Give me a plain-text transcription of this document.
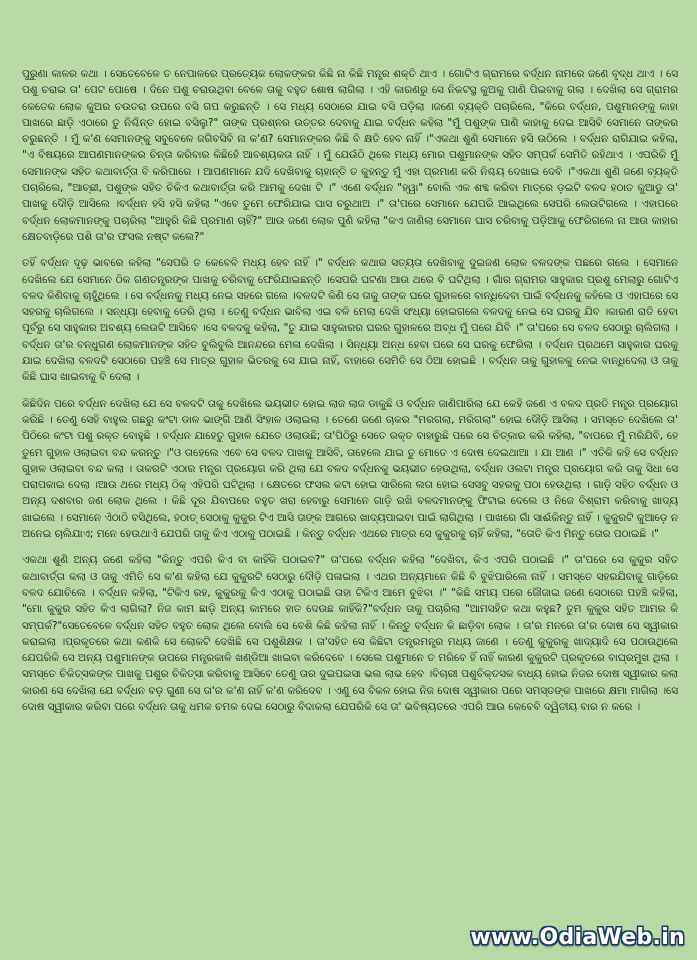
ପୁରୁଣା କାଳର କଥା । ସେତେବେଳେ ତ ନେପାଳରେ ପ୍ରତ୍ୟେକ ଲୋକଙ୍କର କିଛି ନା କିଛି ମନ୍ତ୍ର ଶକ୍ତି ଥାଏ । ଗୋଟିଏ ଗ୍ରାମରେ ବର୍ଦ୍ଧନ ନାମରେ ଜଣେ ବୃଦ୍ଧ ଥାଏ । ସେ ପଶୁ ଚରାଇ ତା' ପେଟ ପୋଷେ । ଦିନେ ପଶୁ ଚରାଉଥିବା ବେଳେ ତାକୁ ବହୁତ ଶୋଷ ଲାଗିଲା । ଏହି କାରଣରୁ ସେ ନିକଟସ୍ଥ କୁଅକୁ ପାଣି ପିଇବାକୁ ଗଲା । ଦେଖିଲା ସେ ଗ୍ରାମର କେତେକ ଲୋକ କୁଅର ଚଉତରା ଉପରେ ବସି ଗପ କରୁଛନ୍ତି । ସେ ମଧ୍ୟ ସେଠାରେ ଯାଇ ବସି ପଡ଼ିଲା ।ଜଣେ ବ୍ୟକ୍ତି ପଚାରିଲେ, "କିରେ ବର୍ଦ୍ଧନ, ପଶୁମାନଙ୍କୁ କାହା ପାଖରେ ଛାଡ଼ି ଏଠାରେ ତୁ ନିଶ୍ଚିନ୍ତ ହୋଇ ବସିଲୁ?" ତାଙ୍କ ପ୍ରଶ୍ନର ଉତ୍ତର ଦେବାକୁ ଯାଇ ବର୍ଦ୍ଧନ କହିଲା "ମୁଁ ପଶୁଙ୍କ ପାଣି କାହାକୁ ଦେଇ ଆସିବି ସେମାନେ ତାଙ୍କର ଚରୁଛନ୍ତି । ମୁଁ କ'ଣ ସେମାନଙ୍କୁ ସବୁବେଳେ ଜଗିବସିବି ନା କ'ଣ? ସେମାନଙ୍କର କିଛି ବି କ୍ଷତି ହେବ ନାହିଁ ।"ଏକଥା ଶୁଣି ସେମାନେ ହସି ଉଠିଲେ । ବର୍ଦ୍ଧନ ରାଗିଯାଇ କହିଲା, "ଏ ବିଷୟରେ ଆପଣମାନଙ୍କର ଚିନ୍ତା କରିବାର କିଛିହେଁ ଆବଶ୍ୟକତା ନାହିଁ । ମୁଁ ଯେଉଁଠି ଥିଲେ ମଧ୍ୟ ମୋର ପଶୁମାନଙ୍କ ସହିତ ସମ୍ପର୍କ ସେମିତି ରହିଥାଏ । ଏପରିକି ମୁଁ ସେମାନଙ୍କ ସହିତ କଥାବାର୍ତ୍ତା ବି କରିପାରେ । ଆପଣମାନେ ଯଦି ଦେଖିବାକୁ ଚାହାନ୍ତି ତ କୁହନ୍ତୁ ମୁଁ ଏହା ପ୍ରମାଣ କରି ନିଶ୍ଚୟ ଦେଖାଇ ଦେବି ।"ଏକଥା ଶୁଣି ଜଣେ ବ୍ୟକ୍ତି ପଚାରିଲେ, "ଆଚ୍ଛୀ, ପଶୁଙ୍କ ସହିତ ଚିକିଏ କଥାବାର୍ତ୍ତା କରି ଆମକୁ ଦେଖା ଟି ।" ଏଣେ ବର୍ଦ୍ଧନ "ହ୍ୱା" ବୋଲି ଏକ ଶବ୍ଦ କରିବା ମାତ୍ରେ ଡ଼ଇଟି ବଳଦ ହଠାତ କୁଆଡୁ ତା' ପାଖକୁ ଦୌଡ଼ି ଆସିଲେ ।ବର୍ଦ୍ଧନ ହସି ହସି କହିଲା "ଏବେ ତୁମେ ଫେରିଯାଇ ଘାସ ଚରୁଥାଅ ।" ତା'ପରେ ସେମାନେ ଯେପରି ଆଇଥିଲେ ସେପରି ଲେଉଟିଗଲେ । ଏହାପରେ ବର୍ଦ୍ଧନ ଲୋକମାନଙ୍କୁ ପଚାରିଲା "ଆହୁରି କିଛି ପ୍ରମାଣ ଚାହିଁ?" ଆଉ ଜଣେ ଲୋକ ପୁଣି କହିଲା "କଏ ଜାଣିଲା ସେମାନେ ଘାସ ଚରିବାକୁ ପଡ଼ିଆକୁ ଫେରିଗଲେ ନା ଆଉ କାହାର କ୍ଷେତବାଡ଼ିରେ ପଶି ତା'ର ଫସଲ ନଷ୍ଟ କଲେ?"

ତହିଁ ବର୍ଦ୍ଧନ ଦୃଢ଼ ଭାବରେ କହିଲା "ସେପରି ତ କେବେବି ମଧ୍ୟ ହେବ ନାହିଁ ।" ବର୍ଦ୍ଧନ କଥାର ସତ୍ୟତା ଦେଖିବାକୁ ଦୁଇଜଣ ଲୋକ ବଳଦଙ୍କ ପଛରେ ଗଲେ । ସେମାନେ ଦେଖିଲେ ଯେ ସେମାନେ ଠିକ ଗଣତନ୍ତ୍ରଙ୍କ ପାଖକୁ ଚରିବାକୁ ଫେରିଯାଇଛନ୍ତି ।ସେପରି ଘଟଣା ଆଉ ଥରେ ବି ଘଟିଥିଲା । ଗାଁର ଗ୍ରାମର ସାହୁକାର ପ୍ରଶୁ ମେଲାରୁ ଗୋଟିଏ ବଳଦ କିଣିବାକୁ ଚାହୁଁଥିଲେ । ସେ ବର୍ଦ୍ଧନକୁ ମଧ୍ୟ ନେଇ ସହରେ ଗଲେ ।ବଳଦଟି କିଣି ସେ ତାକୁ ତାଙ୍କ ଘରେ ଗୁହାଳରେ ବାନ୍ଧିଦେବା ପାଇଁ ବର୍ଦ୍ଧନକୁ କହିଲେ ଓ ଏହାପରେ ସେ ସହରକୁ ଚାଲିଗଲେ । ସନ୍ଧ୍ୟା ହେବାକୁ ଡେରି ଥିଲା । ତେଣୁ ବର୍ଦ୍ଧନ ଭାବିଲା ଏଇ ବଳି ମେଲା ଦେଖି ସଂଧ୍ୟା ହୋଇଗଲେ ବଳଦକୁ ନେଇ ସେ ଘରକୁ ଯିବ ।କାରଣ ରାତି ହେବା ପୂର୍ବରୁ ସେ ସାହୁକାର ଅବଶ୍ୟ ଲେଉଟି ଆସିବେ ।ସେ ବଳଦକୁ କହିଲା, "ତୁ ଯାଇ ସାହୁକାରର ଘରର ଗୁହାଳରେ ଅବ୍ଧ ମୁଁ ପରେ ଯିବି ।" ତା'ପରେ ସେ ବଳଦ ସେଠାରୁ ଚାଲିଗଲା । ବର୍ଦ୍ଧନ ତା'ର ବନ୍ଧୁଗଣ ଲୋକମାନଙ୍କ ସହିତ ବୁଲିବୁଲି ଆନନ୍ଦରେ ମେଳା ଦେଖିଲା । ସିନ୍ଧ୍ୟା ଅନ୍ଧ ହେବା ପରେ ସେ ଘରକୁ ଫେରିଲା । ବର୍ଦ୍ଧନ ପ୍ରଥମେ ସାହୁକାର ଘରକୁ ଯାଇ ଦେଖିଲା ବଳଦଟି ସେଠାରେ ପହଞ୍ଚି ସେ ମାତ୍ର ଗୁହାଳ ଭିତରକୁ ସେ ଯାଇ ନାହିଁ, ବାହାରେ ସେମିତି ସେ ଠିଆ ହୋଇଛି । ବର୍ଦ୍ଧନ ତାକୁ ଗୁହାଳକୁ ନେଇ ବାନ୍ଧିଦେଲା ଓ ତାକୁ କିଛି ଘାସ ଖାଇବାକୁ ବି ଦେଲା ।

କିଛିଦିନ ପରେ ବର୍ଦ୍ଧନ ଦେଖିଲା ଯେ ସେ ବଳଦଟି ତାକୁ ଦେଖିଲେ ଭୟଭୀତ ହୋଇ ଲାଜ ଲାଜ ଡାକୁଛି ଓ ବର୍ଦ୍ଧନ ଜାଣିପାରିଲା ଯେ କେହି ଜଣେ ଏ ବଳଦ ପ୍ରତି ମନ୍ତ୍ର ପ୍ରୟୋଗ କରିଛି । ତେଣୁ ସେହି ବାହୁଲ ଗଛରୁ କଂଟା ଡାଳ ଭାଙ୍ଗି ଆଣି ସିଂହାଳ ଓଲାଇଲା । ତେଣେ ଜଣେ ଚାକର "ମରଗଲା, ମରିଗଲା" ହୋଇ ଦୌଡ଼ି ଆସିଲା । ସମସ୍ତେ ଦେଖିଲେ ତା' ପିଠିରେ କଂଟା ପଶୁ ରକ୍ତ ବୋହୁଛି । ବର୍ଦ୍ଧନ ଯାହେତୁ ଗୁହାଳ ଯେତେ ଓଲାଉଛି; ତା'ପିଠିରୁ ସେତେ ରକ୍ତ ବାହାରୁଛି ପରେ ସେ ଚିତ୍କାର କରି କହିଲା, "ବାପରେ ମୁଁ ମରିଯିବି, ହେ ତୁମେ ଗୁହାଳ ଓଲାଇବା ବନ୍ଦ କରନ୍ତୁ ।"ଓ ତାହେଲେ ଏବେ ସେ ବଳଦ ପାଖକୁ ଆସିବି, ତାହେଲେ ଯାଇ ତୁ ମୋତେ ଏ ଦୋଷ ଦେଇଥାଆ । ଯା ଆଣ ।" ଏତିକି କହି ସେ ବର୍ଦ୍ଧନ ଗୁହାଳ ଓଲାଇବା ବନ୍ଦ କଲା । ତାକରଟି ଏଠାର ମନ୍ତ୍ର ପ୍ରୟୋଗ କରି ଥିଲା ଯେ ବଳଦ ବର୍ଦ୍ଧନକୁ ଭୟଭୀତ ହେଉଥିଲା, ବର୍ଦ୍ଧନ ଓଲଟା ମନ୍ତ୍ର ପ୍ରୟୋଗ କରି ତାକୁ ସିଧା ସେ ପରାପକାଇ ଦେଲା ।ଆଉ ଥରେ ମଧ୍ୟ ଠିକ୍ ଏହିପରି ଘଟିଥିଲା । କ୍ଷେତରେ ଫସଲ କଟା ହୋଇ ସାରିଲେ ଲତା ହୋଇ ସେସବୁ ସହରକୁ ପଠା ହେଉଥିଲା । ଗାଡ଼ି ସହିତ ବର୍ଦ୍ଧନ ଓ ଅନ୍ୟ ଦଶବାର ଜଣ ଲୋକ ଥିଲେ । କିଛି ଦୂର ଯିବାପରେ ବହୁତ ଖରା ହେବାରୁ ସେମାନେ ଗାଡ଼ି ରଖି ବଳଦମାନଙ୍କୁ ଫିଟାଇ ଦେଲେ ଓ ନିଜେ ବିଶ୍ରାମ କରିବାକୁ ଖାଦ୍ୟ ଖାଇଲେ । ସେମାନେ ଏଁଠାଠି ବସିଥିଲେ, ହଠାତ୍ ସେଠାକୁ କୁକୁର ଟିଏ ଆସି ତାଙ୍କ ଆଗରେ ଖାଦ୍ୟପାଇବା ପାଇଁ ଲାଗିଥିଲା । ପାଖରେ ଗାଁ ସାଈଁକିନ୍ତୁ ନାହିଁ । କୁକୁରଟି କୁଆଡ଼େ ନ ଅନେଇ ଚାଲିଯାଏ; ମନେ ହେଉଥାଏଁ ଯେପରି ତାକୁ କିଏ ଏଠାକୁ ପଠାଇଛି । କିନ୍ତୁ ବର୍ଦ୍ଧନ ଏଥରେ ମାତ୍ର ସେ କୁକୁରକୁ ଚାହିଁ କହିଲା, "ତୋତି କିଏ ମିନ୍ତୁ ତୋର ପଠାଇଛି ।"

ଏକଥା ଶୁଣି ଅନ୍ୟ ଜଣେ କହିଲା "କିନ୍ତୁ ଏପରି କିଏ ବା କାହିଁକି ପଠାଇବ?" ତା'ପରେ ବର୍ଦ୍ଧନ କହିଲା "ଦେଖିବା, କିଏ ଏପରି ପଠାଇଛି ।" ତା'ପରେ ସେ କୁକୁର ସହିତ କଥାବାର୍ତ୍ତା କଲା ଓ ତାକୁ ଏମିତି ସେ କ'ଣ କହିଲା ଯେ କୁକୁରଟି ସେଠାରୁ ଦୌଡ଼ି ପଳାଇଲା । ଏଥର ଅନ୍ୟମାନେ କିଛି ବି ବୁଝିପାରିଲେ ନାହିଁ । ସମସ୍ତେ ସହରଯିବାକୁ ଗାଡ଼ିରେ ବଳଦ ଯୋଚିଲେ । ବର୍ଦ୍ଧନ କହିଲା, "ଟିକିଏ ରହ, କୁକୁରକୁ କିଏ ଏଠାକୁ ପଠାଇଛି ତାହା ଟିକିଏ ଆମେ ବୁଝିବା ।" "କିଛି ସମୟ ପରେ ଜୌଜାଇ ଜଣେ ସେଠାରେ ପହଞ୍ଚି କହିଲା, "ମୋ କୁକୁର ସହିତ କିଏ ଲାଗିଲା? ନିଜ କାମ ଛାଡ଼ି ଅନ୍ୟ କାମରେ ହାତ ଦେଉଛ କାହିଁକି?"ବର୍ଦ୍ଧନ ତାକୁ ପଚାରିଲା "ଆମସହିତ କଥା କହୁଛ? ତୁମ କୁକୁର ସହିତ ଆମର କି ସମ୍ପର୍କ?"ସେତେବେଳେ ବର୍ଦ୍ଧନ ସହିତ ବହୁତ ଲୋକ ଥିଲେ ବୋଲି ସେ ବେଶି କିଛି କହିଲା ନାହିଁ । କିନ୍ତୁ ବର୍ଦ୍ଧନ କି ଛାଡ଼ିବା ଲୋକ । ତା'ର ମନରେ ତା'ର ଦୋଷ ସେ ସ୍ୱୀକାର କରାଇଲା ।ପ୍ରକୃତରେ କଥା କଣକି ସେ ଲୋକଟି ଦେଖିଛି ସେ ପଶୁଶିକ୍ଷକ । ତା'ସହିତ ସେ କିଛିଟା ତନ୍ତ୍ରମନ୍ତ୍ର ମଧ୍ୟ ଜାଣେ । ତେଣୁ କୁକୁରକୁ ଖାଦ୍ୟାଦି ସେ ପଠାଉଥିଲେ ଯେପରିକି ସେ ଅନ୍ୟ ପଶୁମାନଙ୍କ ଉପରେ ମନ୍ତ୍ରକାଳି ଖଣ୍ଡିଆ ଖାଇବା କରିଦେବେ । ସେଲେ ପଶୁମାନେ ତ ମରିବେ ହିଁ ନାହିଁ କାରଣ କୁକୁରଟି ପ୍ରକୃତରେ ବାଘ୍ରମୁଖ ଥିଲା । ସମସ୍ତେ ଚିକିତ୍ସକଙ୍କ ପାଖକୁ ପଶୁର ଚିକିତ୍ସା କରିବାକୁ ଆସିବେ ତେଣୁ ତାର ଦୁଇପଇସା ଭଲ ଲାଭ ହେବ ।ବିଚାରୀ ପଶୁଚିକ୍ତସକ ବାଧ୍ୟ ହୋଇ ନିଜର ଦୋଷ ସ୍ୱୀକାର କଲା କାରଣ ସେ ଦେଖିଲା ଯେ ବର୍ଦ୍ଧନ ବଡ଼ ଗୁଣୀ ସେ ତା'ର କ'ଣ ନାହିଁ କ'ଣ କରିଦେବ । ଏଣୁ ସେ ବିକଳ ହୋଇ ନିଜ ଦୋଷ ସ୍ୱୀକାର ପରେ ସମସ୍ତଙ୍କ ପାଖରେ କ୍ଷମା ମାଗିଲା ।ସେ ଦୋଷ ସ୍ୱୀକାର କରିବା ପରେ ବର୍ଦ୍ଧନ ତାକୁ ଧମକ ଚମକ ଦେଇ ସେଠାରୁ ବିଦାକଲା ଯେପରିକି ସେ ତା' ଭବିଷ୍ୟତରେ ଏପରି ଆଉ କେବେବି ଦ୍ୱିତୀୟ ବାର ନ କରେ ।

www.OdiaWeb.in
